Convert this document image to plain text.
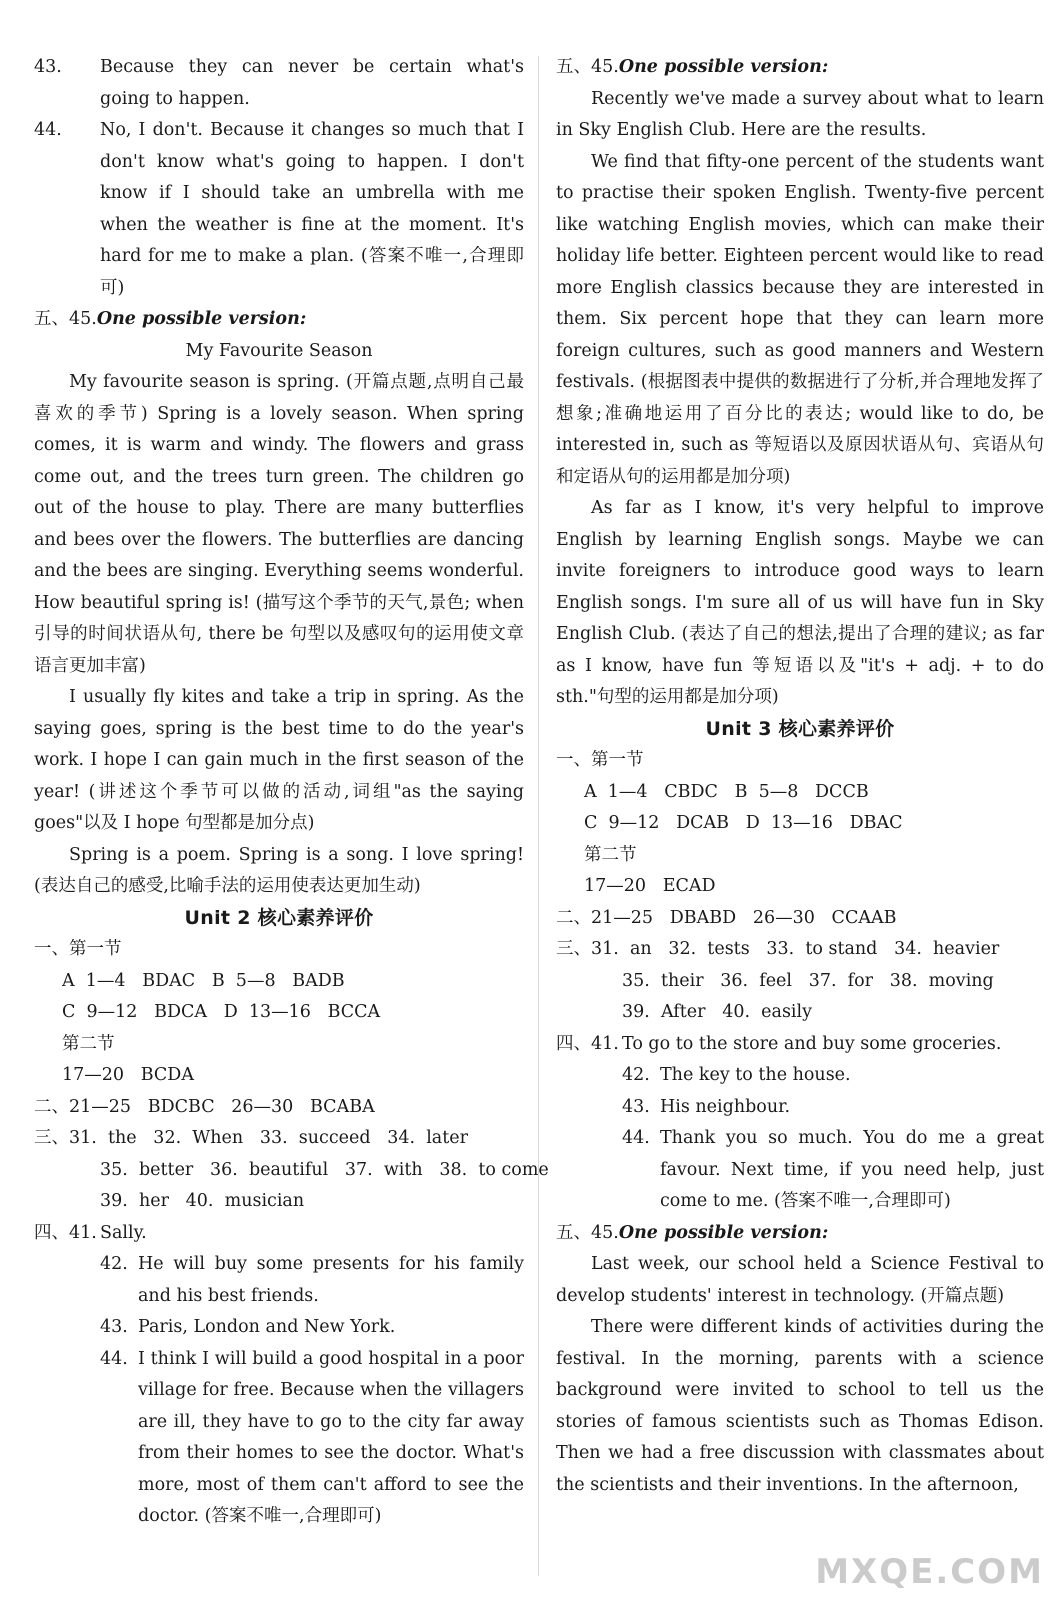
43.	Because they can never be certain what's going to happen.
44.	No, I don't. Because it changes so much that I don't know what's going to happen. I don't know if I should take an umbrella with me when the weather is fine at the moment. It's hard for me to make a plan. (答案不唯一,合理即可)
五、45. One possible version:
My Favourite Season
My favourite season is spring. (开篇点题,点明自己最喜欢的季节) Spring is a lovely season. When spring comes, it is warm and windy. The flowers and grass come out, and the trees turn green. The children go out of the house to play. There are many butterflies and bees over the flowers. The butterflies are dancing and the bees are singing. Everything seems wonderful. How beautiful spring is! (描写这个季节的天气,景色; when 引导的时间状语从句, there be 句型以及感叹句的运用使文章语言更加丰富)
I usually fly kites and take a trip in spring. As the saying goes, spring is the best time to do the year's work. I hope I can gain much in the first season of the year! (讲述这个季节可以做的活动,词组"as the saying goes"以及 I hope 句型都是加分点)
Spring is a poem. Spring is a song. I love spring! (表达自己的感受,比喻手法的运用使表达更加生动)
Unit 2 核心素养评价
一、第一节
A  1—4   BDAC   B  5—8   BADB
C  9—12   BDCA   D  13—16   BCCA
第二节
17—20   BCDA
二、21—25   BDCBC   26—30   BCABA
三、31.  the   32.  When   33.  succeed   34.  later
35.  better   36.  beautiful   37.  with   38.  to come
39.  her   40.  musician
四、41. Sally.
42. He will buy some presents for his family and his best friends.
43. Paris, London and New York.
44. I think I will build a good hospital in a poor village for free. Because when the villagers are ill, they have to go to the city far away from their homes to see the doctor. What's more, most of them can't afford to see the doctor. (答案不唯一,合理即可)
五、45. One possible version:
Recently we've made a survey about what to learn in Sky English Club. Here are the results.
We find that fifty-one percent of the students want to practise their spoken English. Twenty-five percent like watching English movies, which can make their holiday life better. Eighteen percent would like to read more English classics because they are interested in them. Six percent hope that they can learn more foreign cultures, such as good manners and Western festivals. (根据图表中提供的数据进行了分析,并合理地发挥了想象;准确地运用了百分比的表达; would like to do, be interested in, such as 等短语以及原因状语从句、宾语从句和定语从句的运用都是加分项)
As far as I know, it's very helpful to improve English by learning English songs. Maybe we can invite foreigners to introduce good ways to learn English songs. I'm sure all of us will have fun in Sky English Club. (表达了自己的想法,提出了合理的建议; as far as I know, have fun 等短语以及"it's + adj. + to do sth."句型的运用都是加分项)
Unit 3 核心素养评价
一、第一节
A  1—4   CBDC   B  5—8   DCCB
C  9—12   DCAB   D  13—16   DBAC
第二节
17—20   ECAD
二、21—25   DBABD   26—30   CCAAB
三、31.  an   32.  tests   33.  to stand   34.  heavier
35.  their   36.  feel   37.  for   38.  moving
39.  After   40.  easily
四、41. To go to the store and buy some groceries.
42. The key to the house.
43. His neighbour.
44. Thank you so much. You do me a great favour. Next time, if you need help, just come to me. (答案不唯一,合理即可)
五、45. One possible version:
Last week, our school held a Science Festival to develop students' interest in technology. (开篇点题)
There were different kinds of activities during the festival. In the morning, parents with a science background were invited to school to tell us the stories of famous scientists such as Thomas Edison. Then we had a free discussion with classmates about the scientists and their inventions. In the afternoon,
MXQE.COM
